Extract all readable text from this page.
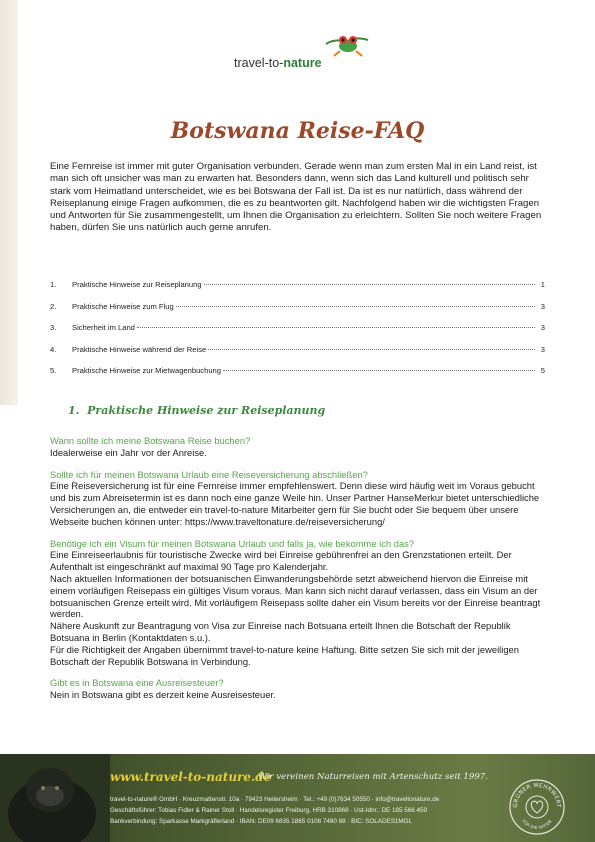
travel-to-nature
Botswana Reise-FAQ

Eine Fernreise ist immer mit guter Organisation verbunden. Gerade wenn man zum ersten Mal in ein Land reist, ist man sich oft unsicher was man zu erwarten hat. Besonders dann, wenn sich das Land kulturell und politisch sehr stark vom Heimatland unterscheidet, wie es bei Botswana der Fall ist. Da ist es nur natürlich, dass während der Reiseplanung einige Fragen aufkommen, die es zu beantworten gilt. Nachfolgend haben wir die wichtigsten Fragen und Antworten für Sie zusammengestellt, um Ihnen die Organisation zu erleichtern. Sollten Sie noch weitere Fragen haben, dürfen Sie uns natürlich auch gerne anrufen.

1.	Praktische Hinweise zur Reiseplanung	1
2.	Praktische Hinweise zum Flug	3
3.	Sicherheit im Land	3
4.	Praktische Hinweise während der Reise	3
5.	Praktische Hinweise zur Mietwagenbuchung	5
1. Praktische Hinweise zur Reiseplanung
Wann sollte ich meine Botswana Reise buchen?
Idealerweise ein Jahr vor der Anreise.
Sollte ich für meinen Botswana Urlaub eine Reiseversicherung abschließen?
Eine Reiseversicherung ist für eine Fernreise immer empfehlenswert. Denn diese wird häufig weit im Voraus gebucht und bis zum Abreisetermin ist es dann noch eine ganze Weile hin. Unser Partner HanseMerkur bietet unterschiedliche Versicherungen an, die entweder ein travel-to-nature Mitarbeiter gern für Sie bucht oder Sie bequem über unsere Webseite buchen können unter: https://www.traveltonature.de/reiseversicherung/
Benötige ich ein Visum für meinen Botswana Urlaub und falls ja, wie bekomme ich das?
Eine Einreiseerlaubnis für touristische Zwecke wird bei Einreise gebührenfrei an den Grenzstationen erteilt. Der Aufenthalt ist eingeschränkt auf maximal 90 Tage pro Kalenderjahr.
Nach aktuellen Informationen der botsuanischen Einwanderungsbehörde setzt abweichend hiervon die Einreise mit einem vorläufigen Reisepass ein gültiges Visum voraus. Man kann sich nicht darauf verlassen, dass ein Visum an der botsuanischen Grenze erteilt wird. Mit vorläufigem Reisepass sollte daher ein Visum bereits vor der Einreise beantragt werden.
Nähere Auskunft zur Beantragung von Visa zur Einreise nach Botsuana erteilt Ihnen die Botschaft der Republik Botsuana in Berlin (Kontaktdaten s.u.).
Für die Richtigkeit der Angaben übernimmt travel-to-nature keine Haftung. Bitte setzen Sie sich mit der jeweiligen Botschaft der Republik Botswana in Verbindung.
Gibt es in Botswana eine Ausreisesteuer?
Nein in Botswana gibt es derzeit keine Ausreisesteuer.
www.travel-to-nature.de
Wir vereinen Naturreisen mit Artenschutz seit 1997.
travel-to-nature® GmbH · Kreuzmattenstr. 10a · 79423 Heitersheim · Tel.: +49 (0)7634 50550 · info@traveltonature.de
Geschäftsführer: Tobias Fidler & Rainer Stoll · Handelsregister Freiburg, HRB 310868 · Ust-Idnr.: DE 185 566 459
Bankverbindung: Sparkasse Markgräflerland · IBAN: DE09 6835 1865 0108 7480 88 · BIC: SOLADES1MGL
GRÜNER MEHRWERT
FÜR DIE NATUR
